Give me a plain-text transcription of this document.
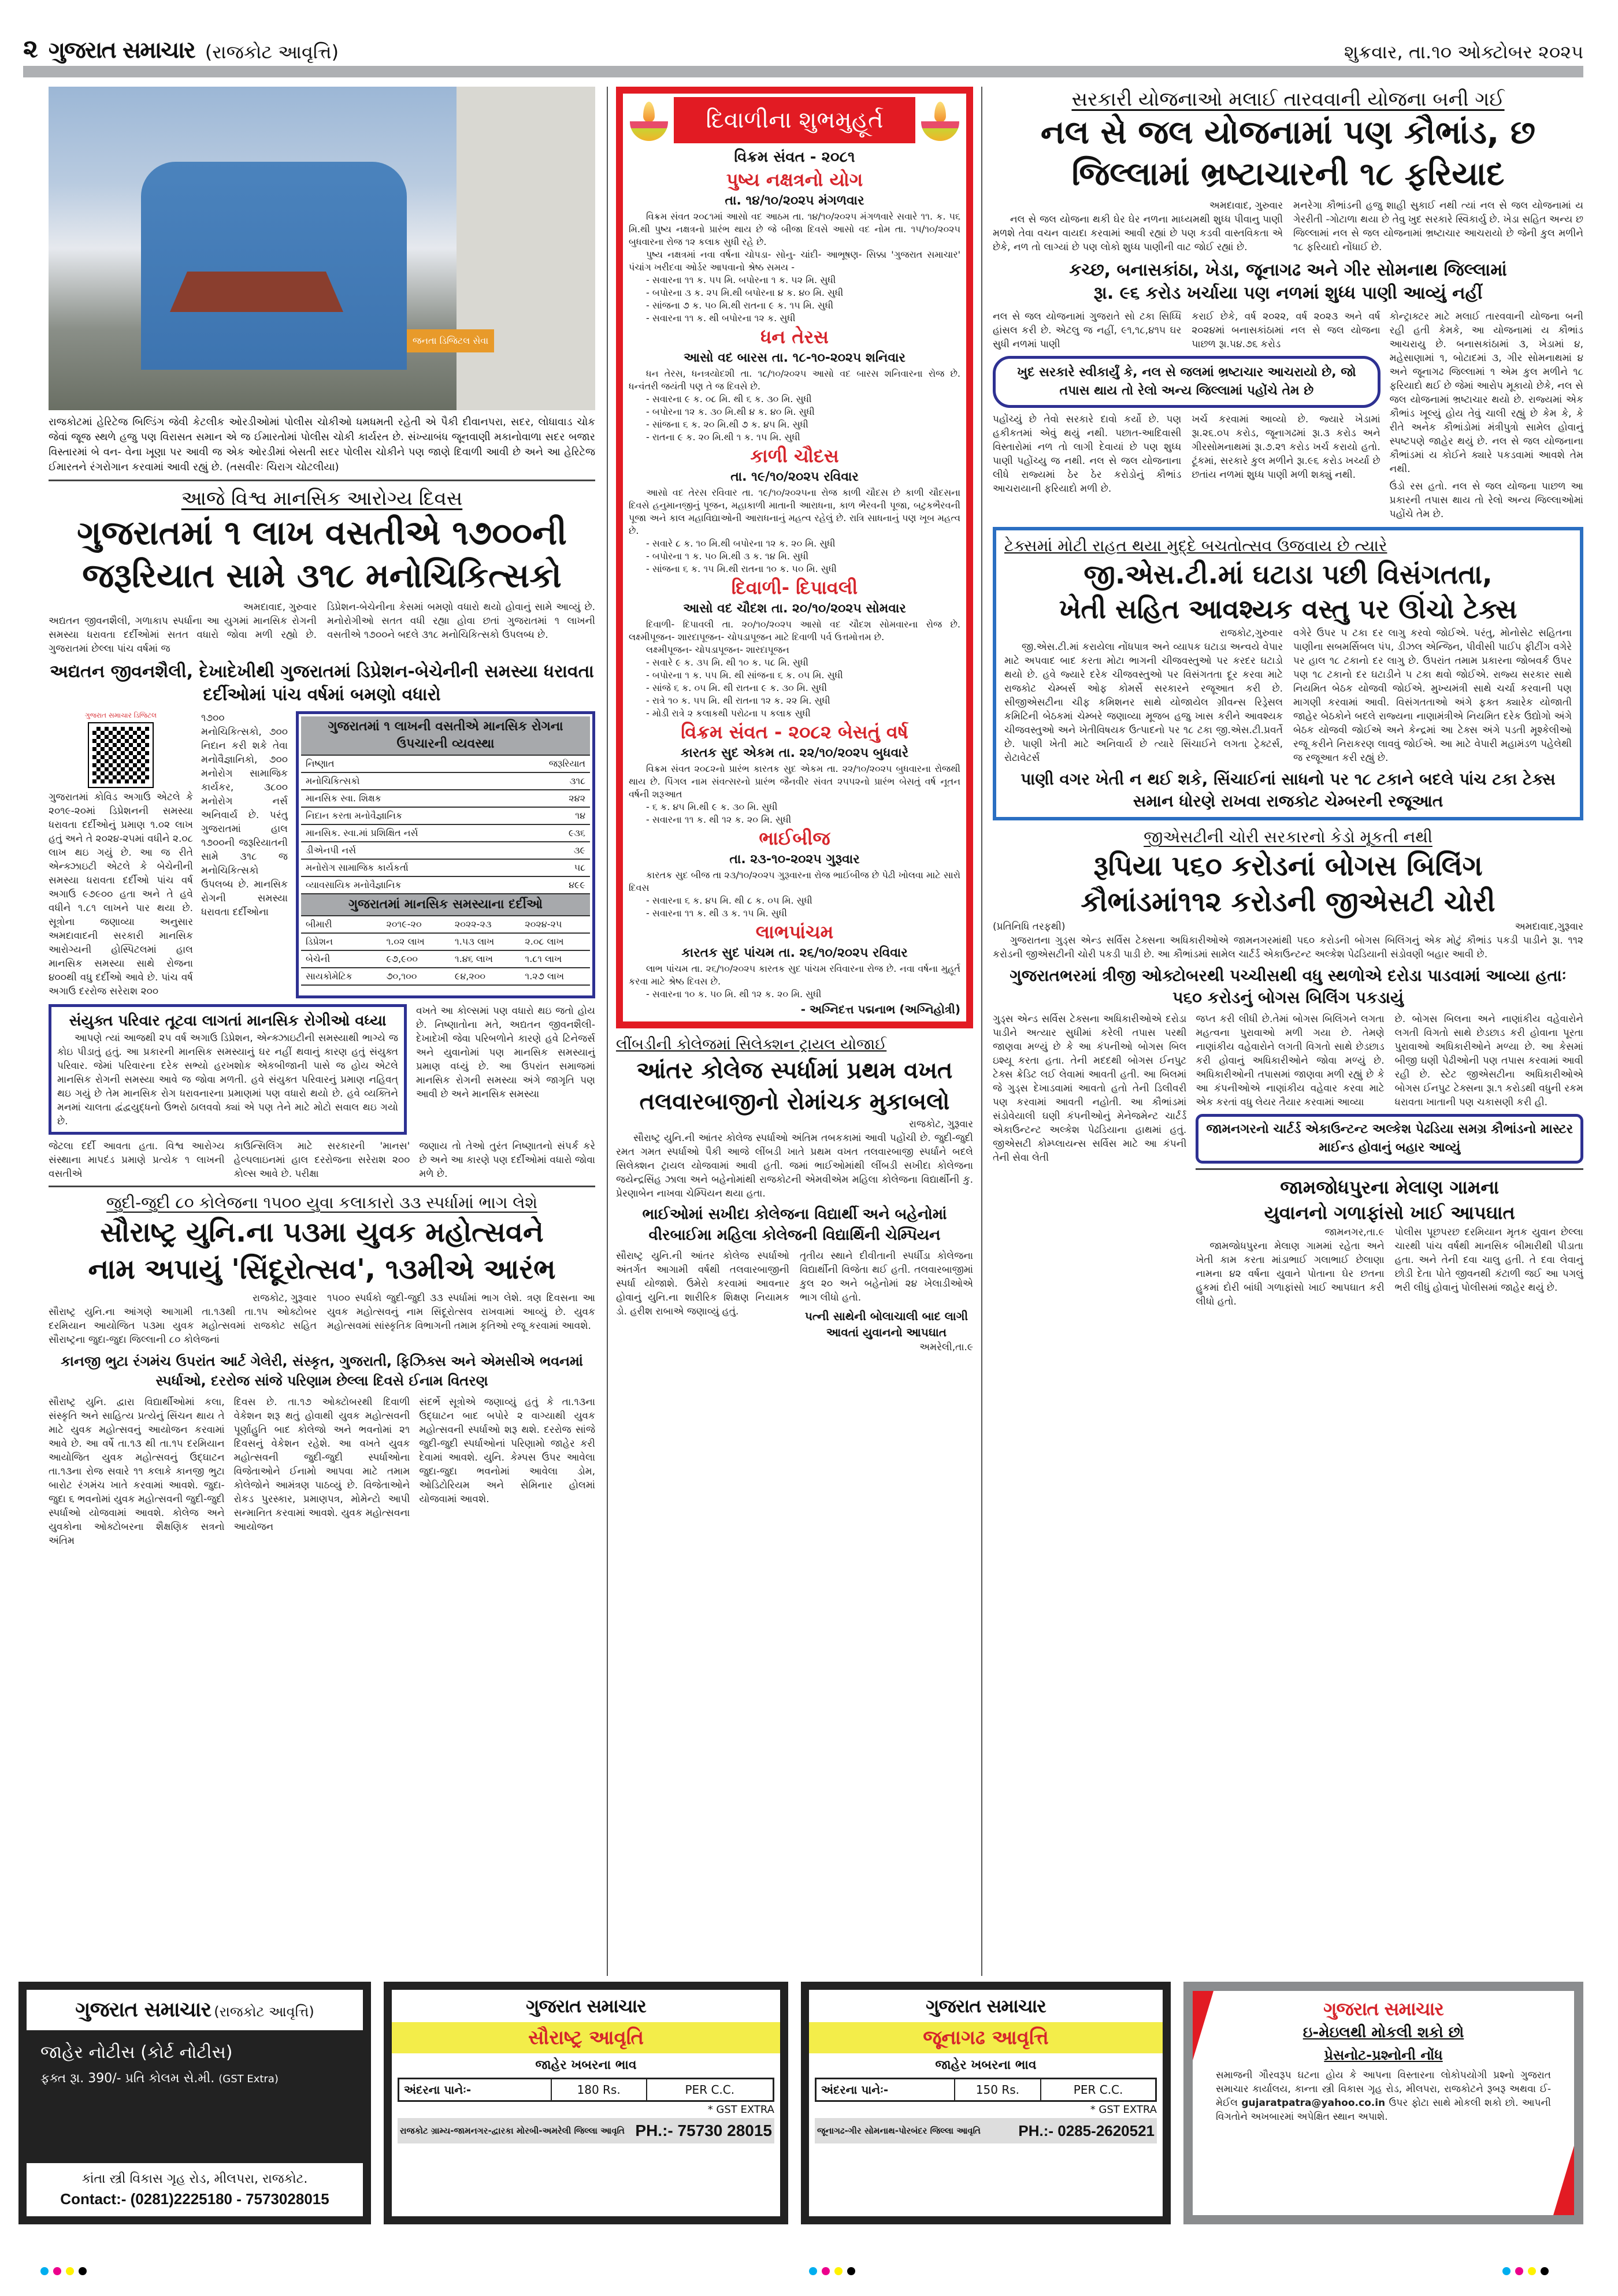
૨ ગુજરાત સમાચાર (રાજકોટ આવૃત્તિ)	શુક્રવાર, તા.૧૦ ઓક્ટોબર ૨૦૨૫
જનતા ડિજિટલ સેવા
રાજકોટમાં હેરિટેજ બિલ્ડિંગ જેવી કેટલીક ઓરડીઓમાં પોલીસ ચોકીઓ ધમધમતી રહેતી એ પૈકી દીવાનપરા, સદર, લોધાવાડ ચોક જેવાં જૂજ સ્થળે હજુ પણ વિરાસત સમાન એ જ ઈમારતોમાં પોલીસ ચોકી કાર્યરત છે. સંખ્યાબંધ જૂનવાણી મકાનોવાળા સદર બજાર વિસ્તારમાં બે વન- વેના ખૂણા પર આવી જ એક ઓરડીમાં બેસતી સદર પોલીસ ચોકીને પણ જાણે દિવાળી આવી છે અને આ હેરિટેજ ઈમારતને રંગરોગાન કરવામાં આવી રહ્યું છે. (તસવીરઃ ચિરાગ ચોટલીયા)
આજે વિશ્વ માનસિક આરોગ્ય દિવસ
ગુજરાતમાં ૧ લાખ વસતીએ ૧૭૦૦ની
જરૂરિયાત સામે ૩૧૮ મનોચિકિત્સકો
અમદાવાદ, ગુરુવાર
અદ્યતન જીવનશૈલી, ગળાકાપ સ્પર્ધાના આ યુગમાં માનસિક રોગની સમસ્યા ધરાવતા દર્દીઓમાં સતત વધારો જોવા મળી રહ્યો છે. ગુજરાતમાં છેલ્લા પાંચ વર્ષમાં જ
ડિપ્રેશન-બેચેનીના કેસમાં બમણો વધારો થયો હોવાનું સામે આવ્યું છે. મનોરોગીઓ સતત વધી રહ્યા હોવા છતાં ગુજરાતમાં ૧ લાખની વસતીએ ૧૭૦૦ને બદલે ૩૧૮ મનોચિકિત્સકો ઉપલબ્ધ છે.
અદ્યતન જીવનશૈલી, દેખાદેખીથી ગુજરાતમાં ડિપ્રેશન-બેચેનીની સમસ્યા ધરાવતા દર્દીઓમાં પાંચ વર્ષમાં બમણો વધારો
ગુજરાત સમાચાર ડિજિટલ
ગુજરાતમાં કોવિડ અગાઉ એટલે કે ૨૦૧૯-૨૦માં ડિપ્રેશનની સમસ્યા ધરાવતા દર્દીઓનું પ્રમાણ ૧.૦૨ લાખ હતું અને તે ૨૦૨૪-૨૫માં વધીને ૨.૦૮ લાખ થઇ ગયું છે. આ જ રીતે એન્ક્ઝાઇટી એટલે કે બેચેનીની સમસ્યા ધરાવતા દર્દીઓ પાંચ વર્ષ અગાઉ ૯૭૯૦૦ હતા અને તે હવે વધીને ૧.૮૧ લાખને પાર થયા છે. સૂત્રોના જણાવ્યા અનુસાર અમદાવાદની સરકારી માનસિક આરોગ્યની હોસ્પિટલમાં હાલ માનસિક સમસ્યા સાથે રોજના ૪૦૦થી વધુ દર્દીઓ આવે છે. પાંચ વર્ષ અગાઉ દરરોજ સરેરાશ ૨૦૦
૧૭૦૦ મનોચિકિત્સકો, ૭૦૦ નિદાન કરી શકે તેવા મનોવૈજ્ઞાનિકો, ૭૦૦ મનોરોગ સામાજિક કાર્યકર, ૩૮૦૦ મનોરોગ નર્સ અનિવાર્ય છે. પરંતુ ગુજરાતમાં હાલ ૧૭૦૦ની જરૂરિયાતની સામે ૩૧૮ જ મનોચિકિત્સકો ઉપલબ્ધ છે. માનસિક રોગની સમસ્યા ધરાવતા દર્દીઓના
ગુજરાતમાં ૧ લાખની વસતીએ માનસિક રોગના ઉપચારની વ્યવસ્થા	
નિષ્ણાત	જરૂરિયાત
મનોચિકિત્સકો	૩૧૮
માનસિક સ્વા. શિક્ષક	૨૪૨
નિદાન કરતા મનોવૈજ્ઞાનિક	૧૪
માનસિક. સ્વા.માં પ્રશિક્ષિત નર્સ	૯૩૬
ડીએનપી નર્સ	૩૯
મનોરોગ સામાજિક કાર્યકર્તા	૫૮
વ્યાવસાયિક મનોવૈજ્ઞાનિક	૪૯૯
ગુજરાતમાં માનસિક સમસ્યાના દર્દીઓ			
બીમારી	૨૦૧૯-૨૦	૨૦૨૨-૨૩	૨૦૨૪-૨૫
ડિપ્રેશન	૧.૦૨ લાખ	૧.૫૩ લાખ	૨.૦૮ લાખ
બેચેની	૯૭,૯૦૦	૧.૪૬ લાખ	૧.૮૧ લાખ
સાયકોમેટિક	૭૦,૧૦૦	૯૪,૨૦૦	૧.૨૭ લાખ
સંયુક્ત પરિવાર તૂટવા લાગતાં માનસિક રોગીઓ વધ્યા
આપણે ત્યાં આજથી ૨૫ વર્ષ અગાઉ ડિપ્રેશન, એન્ક્ઝાઇટીની સમસ્યાથી ભાગ્યે જ કોઇ પીડાતું હતું. આ પ્રકારની માનસિક સમસ્યાનું ઘર નહીં થવાનું કારણ હતું સંયુક્ત પરિવાર. જેમાં પરિવારના દરેક સભ્યો હરખશોક એકબીજાની પાસે જ હોય એટલે માનસિક રોગની સમસ્યા આવે જ જોવા મળતી. હવે સંયુક્ત પરિવારનું પ્રમાણ નહિવત્ થઇ ગયું છે તેમ માનસિક રોગ ધરાવનારના પ્રમાણમાં પણ વધારો થયો છે. હવે વ્યક્તિને મનમાં ચાલતા દ્વંદ્વયુદ્ધનો ઉભરો ઠાલવવો ક્યાં એ પણ તેને માટે મોટો સવાલ થઇ ગયો છે.
વખતે આ કોલ્સમાં પણ વધારો થઇ જતો હોય છે. નિષ્ણાતોના મતે, અદ્યતન જીવનશૈલી-દેખાદેખી જેવા પરિબળોને કારણે હવે ટિનેજર્સ અને યુવાનોમાં પણ માનસિક સમસ્યાનું પ્રમાણ વધ્યું છે. આ ઉપરાંત સમાજમાં માનસિક રોગની સમસ્યા અંગે જાગૃતિ પણ આવી છે અને માનસિક સમસ્યા
જેટલા દર્દી આવતા હતા. વિશ્વ આરોગ્ય સંસ્થાના માપદંડ પ્રમાણે પ્રત્યેક ૧ લાખની વસતીએ
કાઉન્સિલિંગ માટે સરકારની 'માનસ' હેલ્પલાઇનમાં હાલ દરરોજના સરેરાશ ૨૦૦ કોલ્સ આવે છે. પરીક્ષા
જણાય તો તેઓ તુરંત નિષ્ણાતનો સંપર્ક કરે છે અને આ કારણે પણ દર્દીઓમાં વધારો જોવા મળે છે.
જુદી-જુદી ૮૦ કોલેજના ૧૫૦૦ યુવા કલાકારો ૩૩ સ્પર્ધામાં ભાગ લેશે
સૌરાષ્ટ્ર યુનિ.ના ૫૩મા યુવક મહોત્સવને
નામ અપાયું 'સિંદૂરોત્સવ', ૧૩મીએ આરંભ
રાજકોટ, ગુરૂવાર
સૌરાષ્ટ્ર યુનિ.ના આંગણે આગામી તા.૧૩થી તા.૧૫ ઓક્ટોબર દરમિયાન આયોજિત ૫૩મા યુવક મહોત્સવમાં રાજકોટ સહિત સૌરાષ્ટ્રના જુદા-જુદા જિલ્લાની ૮૦ કોલેજનાં
૧૫૦૦ સ્પર્ધકો જુદી-જુદી ૩૩ સ્પર્ધામાં ભાગ લેશે. ત્રણ દિવસના આ યુવક મહોત્સવનું નામ સિંદૂરોત્સવ રાખવામાં આવ્યું છે. યુવક મહોત્સવમાં સાંસ્કૃતિક વિભાગની તમામ કૃતિઓ રજૂ કરવામાં આવશે.
કાનજી ભુટા રંગમંચ ઉપરાંત આર્ટ ગેલેરી, સંસ્કૃત, ગુજરાતી, ફિઝિક્સ અને એમસીએ ભવનમાં સ્પર્ધાઓ, દરરોજ સાંજે પરિણામ છેલ્લા દિવસે ઈનામ વિતરણ
સૌરાષ્ટ્ર યુનિ. દ્વારા વિદ્યાર્થીઓમાં કલા, સંસ્કૃતિ અને સાહિત્ય પ્રત્યેનું સિંચન થાય તે માટે યુવક મહોત્સવનું આયોજન કરવામાં આવે છે. આ વર્ષે તા.૧૩ થી તા.૧૫ દરમિયાન આયોજિત યુવક મહોત્સવનું ઉદ્ઘાટન તા.૧૩ના રોજ સવારે ૧૧ કલાકે કાનજી ભુટા બારોટ રંગમંચ ખાતે કરવામાં આવશે. જુદા-જુદા ૬ ભવનોમાં યુવક મહોત્સવની જુદી-જુદી સ્પર્ધાઓ યોજવામાં આવશે. કોલેજ અને યુવકોના ઓક્ટોબરના શૈક્ષણિક સત્રનો અંતિમ
દિવસ છે. તા.૧૭ ઓક્ટોબરથી દિવાળી વેકેશન શરૂ થતું હોવાથી યુવક મહોત્સવની પૂર્ણાહુતિ બાદ કોલેજો અને ભવનોમાં ૨૧ દિવસનું વેકેશન રહેશે. આ વખતે યુવક મહોત્સવની જુદી-જુદી સ્પર્ધાઓના વિજેતાઓને ઈનામો આપવા માટે તમામ કોલેજોને આમંત્રણ પાઠવ્યું છે. વિજેતાઓને રોકડ પુરસ્કાર, પ્રમાણપત્ર, મોમેન્ટો આપી સન્માનિત કરવામાં આવશે. યુવક મહોત્સવના આયોજન
સંદર્ભે સૂત્રોએ જણાવ્યું હતું કે તા.૧૩ના ઉદ્ઘાટન બાદ બપોરે ૨ વાગ્યાથી યુવક મહોત્સવની સ્પર્ધાઓ શરૂ થશે. દરરોજ સાંજે જુદી-જુદી સ્પર્ધાઓનાં પરિણામો જાહેર કરી દેવામાં આવશે. યુનિ. કેમ્પસ ઉપર આવેલા જુદા-જુદા ભવનોમાં આવેલા ડોમ, ઓડિટોરિયમ અને સેમિનાર હોલમાં યોજવામાં આવશે.
દિવાળીના શુભમુહૂર્ત
વિક્રમ સંવત - ૨૦૮૧
પુષ્ય નક્ષત્રનો યોગ
તા. ૧૪/૧૦/૨૦૨૫ મંગળવાર

વિક્રમ સંવત ૨૦૮૧માં આસો વદ આઠમ તા. ૧૪/૧૦/૨૦૨૫ મંગળવારે સવારે ૧૧. ક. ૫૬ મિ.થી પુષ્ય નક્ષત્રનો પ્રારંભ થાય છે જે બીજા દિવસે આસો વદ નોમ તા. ૧૫/૧૦/૨૦૨૫ બુધવારના રોજ ૧૨ કલાક સુધી રહે છે.

પુષ્ય નક્ષત્રમાં નવા વર્ષના ચોપડા- સોનુ- ચાંદી- આભૂષણ- સિક્કા 'ગુજરાત સમાચાર' પંચાંગ ખરીદવા ઓર્ડર આપવાનો શ્રેષ્ઠ સમય -

- સવારના ૧૧ ક. ૫૫ મિ. બપોરના ૧ ક. ૫૨ મિ. સુધી
- બપોરના ૩ ક. ૨૫ મિ.થી બપોરના ૪ ક. ૪૦ મિ. સુધી
- સાંજના ૭ ક. ૫૦ મિ.થી રાતના ૯ ક. ૧૫ મિ. સુધી
- સવારના ૧૧ ક. થી બપોરના ૧૨ ક. સુધી
ધન તેરસ
આસો વદ બારસ તા. ૧૮-૧૦-૨૦૨૫ શનિવાર

ધન તેરસ, ધનત્રયોદશી તા. ૧૮/૧૦/૨૦૨૫ આસો વદ બારસ શનિવારના રોજ છે. ધન્વંતરી જયંતી પણ તે જ દિવસે છે.

- સવારના ૯ ક. ૦૮ મિ. થી ૬ ક. ૩૦ મિ. સુધી
- બપોરના ૧૨ ક. ૩૦ મિ.થી ૪ ક. ૪૦ મિ. સુધી
- સાંજના ૬ ક. ૨૦ મિ.થી ૭ ક. ૪૫ મિ. સુધી
- રાતના ૯ ક. ૨૦ મિ.થી ૧ ક. ૧૫ મિ. સુધી
કાળી ચૌદસ
તા. ૧૯/૧૦/૨૦૨૫ રવિવાર

આસો વદ તેરસ રવિવાર તા. ૧૯/૧૦/૨૦૨૫ના રોજ કાળી ચૌદસ છે કાળી ચૌદસના દિવસે હનુમાનજીનું પૂજન, મહાકાળી માતાની આરાધના, કાળ ભૈરવની પૂજા, બટુકભૈરવની પૂજા અને કાલ મહાવિદ્યાઓની આરાધનાનું મહત્વ રહેલું છે. રાત્રિ સાધનાનું પણ ખૂબ મહત્વ છે.

- સવારે ૮ ક. ૧૦ મિ.થી બપોરના ૧૨ ક. ૨૦ મિ. સુધી
- બપોરના ૧ ક. ૫૦ મિ.થી ૩ ક. ૧૪ મિ. સુધી
- સાંજના ૬ ક. ૧૫ મિ.થી રાતના ૧૦ ક. ૫૦ મિ. સુધી
દિવાળી- દિપાવલી
આસો વદ ચૌદશ તા. ૨૦/૧૦/૨૦૨૫ સોમવાર

દિવાળી- દિપાવલી તા. ૨૦/૧૦/૨૦૨૫ આસો વદ ચૌદશ સોમવારના રોજ છે. લક્ષ્મીપૂજન- શારદાપૂજન- ચોપડાપૂજન માટે દિવાળી પર્વ ઉત્તમોત્તમ છે.

લક્ષ્મીપૂજન- ચોપડાપૂજન- શારદાપૂજન
- સવારે ૯ ક. ૩૫ મિ. થી ૧૦ ક. ૫૮ મિ. સુધી
- બપોરના ૧ ક. ૫૫ મિ. થી સાંજના ૬ ક. ૦૫ મિ. સુધી
- સાંજે ૬ ક. ૦૫ મિ. થી રાતના ૯ ક. ૩૦ મિ. સુધી
- રાત્રે ૧૦ ક. ૫૫ મિ. થી રાતના ૧૨ ક. ૨૨ મિ. સુધી
- મોડી રાત્રે ૨ કલાકથી પરોઢના ૫ કલાક સુધી
વિક્રમ સંવત - ૨૦૮૨ બેસતું વર્ષ
કારતક સુદ એકમ તા. ૨૨/૧૦/૨૦૨૫ બુધવારે

વિક્રમ સંવત ૨૦૮૨નો પ્રારંભ કારતક સુદ એકમ તા. ૨૨/૧૦/૨૦૨૫ બુધવારના રોજથી થાય છે. પિંગલ નામ સંવત્સરનો પ્રારંભ જૈનવીર સંવત ૨૫૫૨નો પ્રારંભ બેસતું વર્ષ નૂતન વર્ષની શરૂઆત

- ૬ ક. ૪૫ મિ.થી ૯ ક. ૩૦ મિ. સુધી
- સવારના ૧૧ ક. થી ૧૨ ક. ૨૦ મિ. સુધી
ભાઈબીજ
તા. ૨૩-૧૦-૨૦૨૫ ગુરૂવાર

કારતક સુદ બીજ તા ૨૩/૧૦/૨૦૨૫ ગુરૂવારના રોજ ભાઈબીજ છે પેઢી ખોલવા માટે સારો દિવસ

- સવારના ૬ ક. ૪૫ મિ. થી ૮ ક. ૦૫ મિ. સુધી
- સવારના ૧૧ ક. થી ૩ ક. ૧૫ મિ. સુધી
લાભપાંચમ
કારતક સુદ પાંચમ તા. ૨૬/૧૦/૨૦૨૫ રવિવાર

લાભ પાંચમ તા. ૨૬/૧૦/૨૦૨૫ કારતક સુદ પાંચમ રવિવારના રોજ છે. નવા વર્ષના મુહૂર્ત કરવા માટે શ્રેષ્ઠ દિવસ છે.

- સવારના ૧૦ ક. ૫૦ મિ. થી ૧૨ ક. ૨૦ મિ. સુધી
- અગ્નિદત્ત પદ્મનાભ (અગ્નિહોત્રી)
લીંબડીની કોલેજમાં સિલેક્શન ટ્રાયલ યોજાઈ
આંતર કોલેજ સ્પર્ધામાં પ્રથમ વખત
તલવારબાજીનો રોમાંચક મુકાબલો
રાજકોટ, ગુરૂવાર
સૌરાષ્ટ્ર યુનિ.ની આંતર કોલેજ સ્પર્ધાઓ અંતિમ તબકકામાં આવી પહોંચી છે. જુદી-જુદી રમત ગમત સ્પર્ધાઓ પૈકી આજે લીંબડી ખાતે પ્રથમ વખત તલવારબાજી સ્પર્ધાને બદલે સિલેક્શન ટ્રાયલ યોજવામાં આવી હતી. જમાં ભાઈઓમાંથી લીંબડી સખીદા કોલેજના જયેન્દ્રસિંહ ઝાલા અને બહેનોમાંથી રાજકોટની એમવીએમ મહિલા કોલેજના વિદ્યાર્થીની કુ. પ્રેરણાબેન નાખવા ચેમ્પિયન થયા હતા.
ભાઈઓમાં સખીદા કોલેજના વિદ્યાર્થી અને બહેનોમાં વીરબાઈમા મહિલા કોલેજની વિદ્યાર્થિની ચેમ્પિયન
સૌરાષ્ટ્ર યુનિ.ની આંતર કોલેજ સ્પર્ધાઓ અંતર્ગત આગામી વર્ષથી તલવારબાજીની સ્પર્ધા યોજાશે. ઉમેરો કરવામાં આવનાર હોવાનું યુનિ.ના શારીરિક શિક્ષણ નિયામક ડો. હરીશ રાબાએ જણાવ્યું હતું.
તૃતીય સ્થાને દીવીતાની સ્પર્ધીડા કોલેજના વિદ્યાર્થીની વિજેતા થઈ હતી. તલવારબાજીમાં કુલ ૨૦ અને બહેનોમાં ૨૪ ખેલાડીઓએ ભાગ લીધો હતો.
પત્ની સાથેની બોલાચાલી બાદ લાગી આવતાં યુવાનનો આપઘાત
અમરેલી,તા.૯
સરકારી યોજનાઓ મલાઈ તારવવાની યોજના બની ગઈ
નલ સે જલ યોજનામાં પણ કૌભાંડ, છ
જિલ્લામાં ભ્રષ્ટાચારની ૧૮ ફરિયાદ
અમદાવાદ, ગુરુવાર
નલ સે જલ યોજના થકી ઘેર ઘેર નળના માધ્યમથી શુધ્ધ પીવાનુ પાણી મળશે તેવા વચન વાયદા કરવામાં આવી રહ્યાં છે પણ કડવી વાસ્તવિકતા એ છેકે, નળ તો લાગ્યાં છે પણ લોકો શુધ્ધ પાણીની વાટ જોઈ રહ્યાં છે.
મનરેગા કૌભાંડની હજુ શાહી સુકાઈ નથી ત્યાં નલ સે જલ યોજનામાં ય ગેરરીતી -ગોટાળા થયા છે તેવુ ખુદ સરકારે સ્વિકાર્યુ છે. ખેડા સહિત અન્ય છ જિલ્લામાં નલ સે જલ યોજનામાં ભ્રષ્ટાચાર આચરાયો છે જેની કુલ મળીને ૧૮ ફરિયાદો નોંધાઈ છે.
કચ્છ, બનાસકાંઠા, ખેડા, જૂનાગઢ અને ગીર સોમનાથ જિલ્લામાં
રૂા. ૯૬ કરોડ ખર્ચાયા પણ નળમાં શુધ્ધ પાણી આવ્યું નહીં
નલ સે જલ યોજનામાં ગુજરાતે સો ટકા સિધ્ધિ હાંસલ કરી છે. એટલુ જ નહીં, ૯૧,૧૮,૪૧૫ ઘર સુધી નળમાં પાણી
કરાઈ છેકે, વર્ષ ૨૦૨૨, વર્ષ ૨૦૨૩ અને વર્ષ ૨૦૨૪માં બનાસકાંઠામાં નલ સે જલ યોજના પાછળ રૂા.૫૪.૭૬ કરોડ
ખુદ સરકારે સ્વીકાર્યું કે, નલ સે જલમાં ભ્રષ્ટાચાર આચરાયો છે, જો તપાસ થાય તો રેલો અન્ય જિલ્લામાં પહોંચે તેમ છે
પહોંચ્યું છે તેવો સરકારે દાવો કર્યો છે. પણ હકીકતમાં એવું થયું નથી. પછાત-આદિવાસી વિસ્તારોમાં નળ તો લાગી દેવાયાં છે પણ શુધ્ધ પાણી પહોંચ્યુ જ નથી. નલ સે જલ યોજનાના લીધે રાજ્યમાં ઠેર ઠેર કરોડોનું કૌભાંડ આચરાયાની ફરિયાદો મળી છે.
ખર્ચ કરવામાં આવ્યો છે. જ્યારે ખેડામાં રૂા.૨૬.૦૫ કરોડ, જૂનાગઢમાં રૂા.૩ કરોડ અને ગીરસોમનાથમાં રૂા.૭.૨૧ કરોડ ખર્ચ કરાયો હતો. ટૂંકમાં, સરકારે કુલ મળીને રૂા.૯૬ કરોડ ખર્ચ્યા છે છતાંય નળમાં શુધ્ધ પાણી મળી શક્યું નથી.
કોન્ટ્રાક્ટર માટે મલાઈ તારવવાની યોજના બની રહી હતી કેમકે, આ યોજનામાં ય કૌભાંડ આચરાયુ છે. બનાસકાંઠામાં ૩, ખેડામાં ૪, મહેસાણામાં ૧, બોટાદમાં ૩, ગીર સોમનાથમાં ૪ અને જૂનાગઢ જિલ્લામાં ૧ એમ કુલ મળીને ૧૮ ફરિયાદો થઈ છે જેમાં આરોપ મૂકાયો છેકે, નલ સે જલ યોજનામાં ભ્રષ્ટાચાર થયો છે. રાજ્યમાં એક કૌભાંડ ખૂલ્યું હોય તેવું ચાલી રહ્યું છે કેમ કે, કે રીતે અનેક કૌભાંડોમાં મંત્રીપુત્રો સામેલ હોવાનું સ્પષ્ટપણે જાહેર થયું છે. નલ સે જલ યોજનાના કૌભાંડમાં ય કોઈને ક્યારે પકડવામાં આવશે તેમ નથી.
ઉંડો રસ હતો. નલ સે જલ યોજના પાછળ આ પ્રકારની તપાસ થાય તો રેલો અન્ય જિલ્લાઓમાં પહોંચે તેમ છે.
ટેક્સમાં મોટી રાહત થયા મુદ્દે બચતોત્સવ ઉજવાય છે ત્યારે
જી.એસ.ટી.માં ઘટાડા પછી વિસંગતતા,
ખેતી સહિત આવશ્યક વસ્તુ પર ઊંચો ટેક્સ
રાજકોટ,ગુરુવાર
જી.એસ.ટી.માં કરાયેલા નોંધપાત્ર અને વ્યાપક ઘટાડા અન્વયે વેપાર માટે અપવાદ બાદ કરતા મોટા ભાગની ચીજવસ્તુઓ પર કરદર ઘટાડો થયો છે. હવે જ્યારે દરેક ચીજવસ્તુઓ પર વિસંગતતા દૂર કરવા માટે રાજકોટ ચેમ્બર્સ ઓફ કોમર્સે સરકારને રજૂઆત કરી છે. સીજીએસટીના ચીફ કમિશનર સાથે યોજાયેલ ગ્રીવન્સ રિડ્રેસલ કમિટિની બેઠકમાં ચેમ્બરે જણાવ્યા મૂજબ હજુ ખાસ કરીને આવશ્યક ચીજવસ્તુઓ અને ખેતીવિષયક ઉત્પાદનો પર ૧૮ ટકા જી.એસ.ટી.પ્રવર્તે છે. પાણી ખેતી માટે અનિવાર્ય છે ત્યારે સિંચાઈને લગતા ટ્રેક્ટર્સ, રોટાવેટર્સ
વગેરે ઉપર ૫ ટકા દર લાગુ કરવો જોઈએ. પરંતુ, મોનોસેટ સહિતના પાણીના સબમર્સિબલ પંપ, ડીઝલ એન્જિન, પીવીસી પાઈપ ફીટીંગ વગેરે પર હાલ ૧૮ ટકાનો દર લાગુ છે. ઉપરાંત તમામ પ્રકારના જોબવર્ક ઉપર પણ ૧૮ ટકાનો દર ઘટાડીને ૫ ટકા થવો જોઈએ. રાજ્ય સરકાર સાથે નિયમિત બેઠક યોજવી જોઈએ. મુખ્યમંત્રી સાથે ચર્ચા કરવાની પણ માગણી કરવામાં આવી. વિસંગતતાઓ અંગે ફક્ત ક્યારેક યોજાતી જાહેર બેઠકોને બદલે રાજ્યના નાણામંત્રીએ નિયમિત દરેક ઉદ્યોગો અંગે બેઠક યોજવી જોઈએ અને કેન્દ્રમાં આ ટેક્સ અંગે પડતી મૂશ્કેલીઓ રજૂ કરીને નિરાકરણ લાવવું જોઈએ. આ માટે વેપારી મહામંડળ પહેલેથી જ રજૂઆત કરી રહ્યું છે.
પાણી વગર ખેતી ન થઈ શકે, સિંચાઈનાં સાધનો પર ૧૮ ટકાને બદલે પાંચ ટકા ટેક્સ સમાન ધોરણે રાખવા રાજકોટ ચેમ્બરની રજૂઆત
જીએસટીની ચોરી સરકારનો કેડો મૂકતી નથી
રૂપિયા ૫૬૦ કરોડનાં બોગસ બિલિંગ
કૌભાંડમાં૧૧૨ કરોડની જીએસટી ચોરી
(પ્રતિનિધિ તરફથી)	અમદાવાદ,ગુરૂવાર
ગુજરાતના ગુડ્સ એન્ડ સર્વિસ ટેક્સના અધિકારીઓએ જામનગરમાંથી ૫૬૦ કરોડની બોગસ બિલિંગનું એક મોટું કૌભાંડ પકડી પાડીને રૂા. ૧૧૨ કરોડની જીએસટીની ચોરી પકડી પાડી છે. આ કૌભાંડમાં સામેલ ચાર્ટર્ડ એકાઉન્ટન્ટ અલ્કેશ પેઢડિયાની સંડોવણી બહાર આવી છે.
ગુજરાતભરમાં ત્રીજી ઓક્ટોબરથી પચ્ચીસથી વધુ સ્થળોએ દરોડા પાડવામાં આવ્યા હતાઃ ૫૬૦ કરોડનું બોગસ બિલિંગ પકડાયું
ગુડ્સ એન્ડ સર્વિસ ટેક્સના અધિકારીઓએ દરોડા પાડીને અત્યાર સુધીમાં કરેલી તપાસ પરથી જાણવા મળ્યું છે કે આ કંપનીઓ બોગસ બિલ ઇશ્યૂ કરતા હતા. તેની મદદથી બોગસ ઈનપુટ ટેક્સ ક્રેડિટ લઈ લેવામાં આવતી હતી. આ બિલમાં જે ગુડ્સ દેખાડવામાં આવતો હતો તેની ડિલીવરી પણ કરવામાં આવતી નહોતી. આ કૌભાંડમાં સંડોવેયાલી ઘણી કંપનીઓનું મેનેજમેન્ટ ચાર્ટર્ડ એકાઉન્ટન્ટ અલ્કેશ પેઢડિયાના હાથમાં હતું. જીએસટી કોમ્પ્લાયન્સ સર્વિસ માટે આ કંપની તેની સેવા લેતી
જપ્ત કરી લીધી છે.તેમાં બોગસ બિલિંગને લગતા મહત્વના પુરાવાઓ મળી ગયા છે. તેમણે નાણાંકીય વહેવારોને લગતી વિગતો સાથે છેડછાડ કરી હોવાનું અધિકારીઓને જોવા મળ્યું છે. અધિકારીઓની તપાસમાં જાણવા મળી રહ્યું છે કે આ કંપનીઓએ નાણાંકીય વહેવાર કરવા માટે એક કરતાં વધુ લેયર તૈયાર કરવામાં આવ્યા
છે. બોગસ બિલના અને નાણાંકીય વહેવારોને લગતી વિગતો સાથે છેડછાડ કરી હોવાના પૂરતા પુરાવાઓ અધિકારીઓને મળ્યા છે. આ કેસમાં બીજી ઘણી પેઢીઓની પણ તપાસ કરવામાં આવી રહી છે. સ્ટેટ જીએસટીના અધિકારીઓએ બોગસ ઈનપુટ ટેક્સના રૂા.૧ કરોડથી વધુની રકમ ધરાવતા ખાતાની પણ ચકાસણી કરી હી.
જામનગરનો ચાર્ટર્ડ એકાઉન્ટન્ટ અલ્કેશ પેઢડિયા સમગ્ર કૌભાંડનો માસ્ટર માઈન્ડ હોવાનું બહાર આવ્યું
જામજોધપુરના મેલાણ ગામના
યુવાનનો ગળાફાંસો ખાઈ આપઘાત
જામનગર,તા.૯
જામજોધપુરના મેલાણ ગામમાં રહેતા અને ખેતી કામ કરતા માંડાભાઈ ગલાભાઈ છેલાણા નામના ૪૨ વર્ષના યુવાને પોતાના ઘેર છતના હુકમાં દોરી બાંધી ગળાફાંસો ખાઈ આપઘાત કરી લીધો હતો.
પોલીસ પૂછપરછ દરમિયાન મૃતક યુવાન છેલ્લા ચારથી પાંચ વર્ષથી માનસિક બીમારીથી પીડાતા હતા. અને તેની દવા ચાલુ હતી. તે દવા લેવાનું છોડી દેતા પોતે જીવનથી કંટાળી જઈ આ પગલું ભરી લીધું હોવાનું પોલીસમાં જાહેર થયું છે.
ગુજરાત સમાચાર (રાજકોટ આવૃત્તિ)
જાહેર નોટીસ (કોર્ટ નોટીસ)
ફક્ત રૂા. 390/- પ્રતિ કોલમ સે.મી. (GST Extra)
કાંતા સ્ત્રી વિકાસ ગૃહ રોડ, મીલપરા, રાજકોટ.
Contact:- (0281)2225180 - 7573028015
ગુજરાત સમાચાર
સૌરાષ્ટ્ર આવૃતિ
જાહેર ખબરના ભાવ
અંદરના પાનેઃ-	180 Rs.	PER C.C.
* GST EXTRA
રાજકોટ ગ્રામ્ય-જામનગર-દ્વારકા મોરબી-અમરેલી જિલ્લા આવૃતિ PH.:- 75730 28015
ગુજરાત સમાચાર
જૂનાગઢ આવૃત્તિ
જાહેર ખબરના ભાવ
અંદરના પાનેઃ-	150 Rs.	PER C.C.
* GST EXTRA
જૂનાગઢ-ગીર સોમનાથ-પોરબંદર જિલ્લા આવૃતિ	PH.:- 0285-2620521
ગુજરાત સમાચાર
ઇ-મેઇલથી મોકલી શકો છો
પ્રેસનોટ-પ્રશ્નોની નોંધ
સમાજની ગૌરવરૂપ ઘટના હોય કે આપના વિસ્તારના લોકોપયોગી પ્રશ્નો ગુજરાત સમાચાર કાર્યાલય, કાન્તા સ્ત્રી વિકાસ ગૃહ રોડ, મીલપરા, રાજકોટને રૂબરૂ અથવા ઈ-મેઈલ gujaratpatra@yahoo.co.in ઉપર ફોટા સાથે મોકલી શકો છો. આપની વિગતોને અખબારમાં અપેક્ષિત સ્થાન અપાશે.
